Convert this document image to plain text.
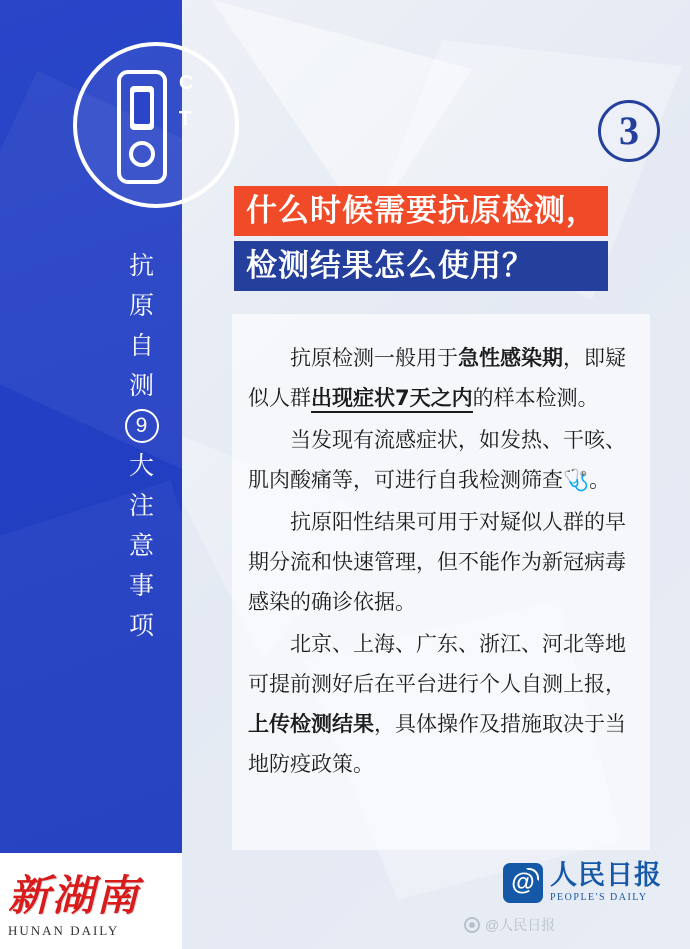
抗
原
自
测
9
大
注
意
事
项
新湖南
HUNAN DAILY
3
什么时候需要抗原检测，
检测结果怎么使用？

抗原检测一般用于急性感染期，即疑似人群出现症状7天之内的样本检测。

当发现有流感症状，如发热、干咳、肌肉酸痛等，可进行自我检测筛查🩺。

抗原阳性结果可用于对疑似人群的早期分流和快速管理，但不能作为新冠病毒感染的确诊依据。

北京、上海、广东、浙江、河北等地可提前测好后在平台进行个人自测上报，上传检测结果，具体操作及措施取决于当地防疫政策。

@人民日报
@ 人民日报
PEOPLE'S DAILY
C
T
